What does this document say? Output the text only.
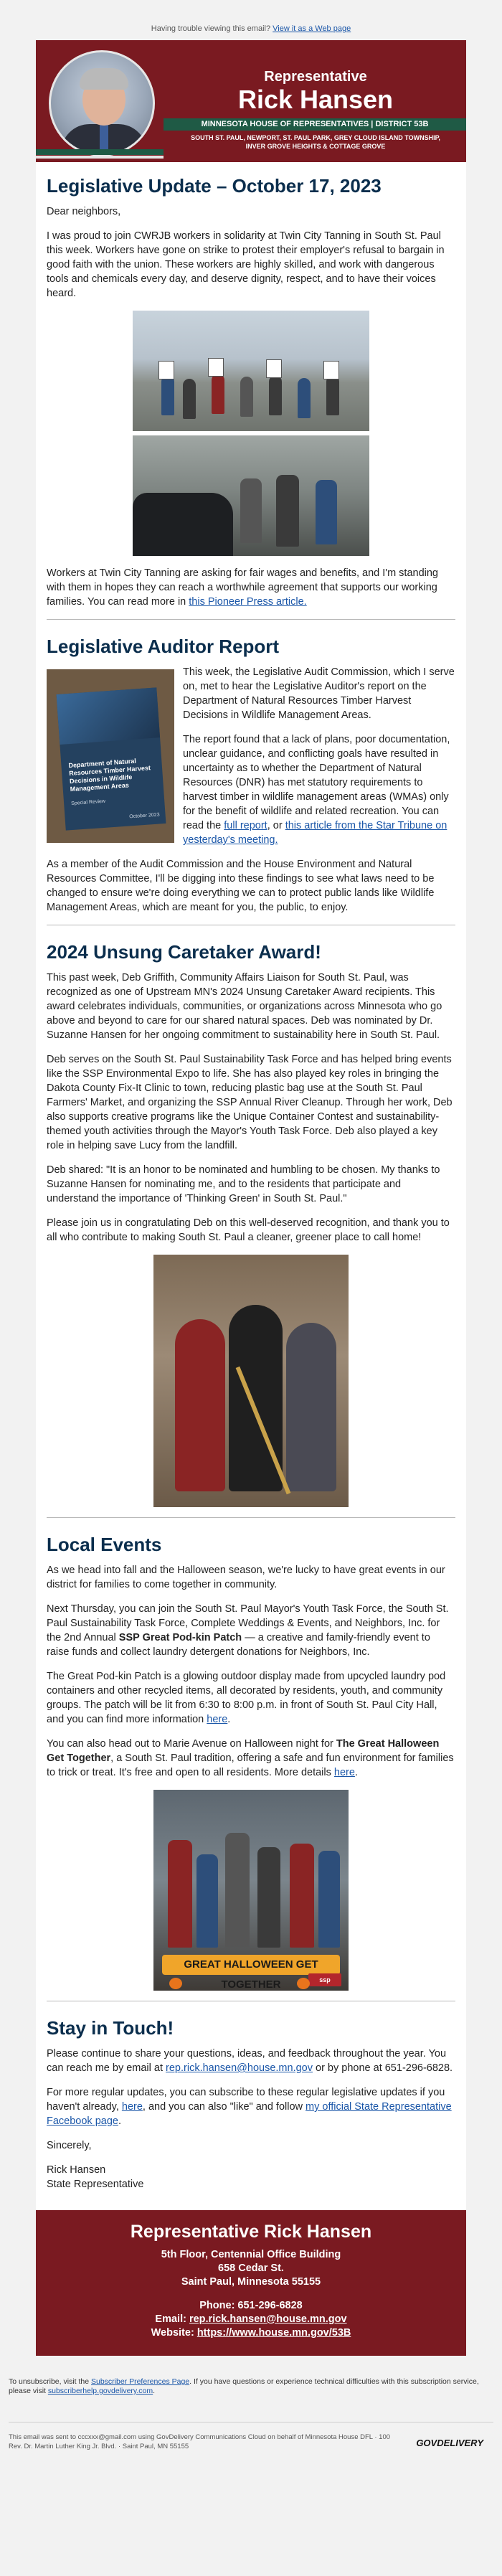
Having trouble viewing this email? View it as a Web page
Representative
Rick Hansen
MINNESOTA HOUSE OF REPRESENTATIVES | DISTRICT 53B
SOUTH ST. PAUL, NEWPORT, ST. PAUL PARK, GREY CLOUD ISLAND TOWNSHIP,
INVER GROVE HEIGHTS & COTTAGE GROVE
Legislative Update – October 17, 2023

Dear neighbors,

I was proud to join CWRJB workers in solidarity at Twin City Tanning in South St. Paul this week. Workers have gone on strike to protest their employer's refusal to bargain in good faith with the union. These workers are highly skilled, and work with dangerous tools and chemicals every day, and deserve dignity, respect, and to have their voices heard.

Workers at Twin City Tanning are asking for fair wages and benefits, and I'm standing with them in hopes they can reach a worthwhile agreement that supports our working families. You can read more in this Pioneer Press article.

Legislative Auditor Report
Department of Natural Resources Timber Harvest Decisions in Wildlife Management Areas
Special Review
October 2023

This week, the Legislative Audit Commission, which I serve on, met to hear the Legislative Auditor's report on the Department of Natural Resources Timber Harvest Decisions in Wildlife Management Areas.

The report found that a lack of plans, poor documentation, unclear guidance, and conflicting goals have resulted in uncertainty as to whether the Department of Natural Resources (DNR) has met statutory requirements to harvest timber in wildlife management areas (WMAs) only for the benefit of wildlife and related recreation. You can read the full report, or this article from the Star Tribune on yesterday's meeting.

As a member of the Audit Commission and the House Environment and Natural Resources Committee, I'll be digging into these findings to see what laws need to be changed to ensure we're doing everything we can to protect public lands like Wildlife Management Areas, which are meant for you, the public, to enjoy.

2024 Unsung Caretaker Award!

This past week, Deb Griffith, Community Affairs Liaison for South St. Paul, was recognized as one of Upstream MN's 2024 Unsung Caretaker Award recipients. This award celebrates individuals, communities, or organizations across Minnesota who go above and beyond to care for our shared natural spaces. Deb was nominated by Dr. Suzanne Hansen for her ongoing commitment to sustainability here in South St. Paul.

Deb serves on the South St. Paul Sustainability Task Force and has helped bring events like the SSP Environmental Expo to life. She has also played key roles in bringing the Dakota County Fix-It Clinic to town, reducing plastic bag use at the South St. Paul Farmers' Market, and organizing the SSP Annual River Cleanup. Through her work, Deb also supports creative programs like the Unique Container Contest and sustainability-themed youth activities through the Mayor's Youth Task Force. Deb also played a key role in helping save Lucy from the landfill.

Deb shared: "It is an honor to be nominated and humbling to be chosen. My thanks to Suzanne Hansen for nominating me, and to the residents that participate and understand the importance of 'Thinking Green' in South St. Paul."

Please join us in congratulating Deb on this well-deserved recognition, and thank you to all who contribute to making South St. Paul a cleaner, greener place to call home!

Local Events

As we head into fall and the Halloween season, we're lucky to have great events in our district for families to come together in community.

Next Thursday, you can join the South St. Paul Mayor's Youth Task Force, the South St. Paul Sustainability Task Force, Complete Weddings & Events, and Neighbors, Inc. for the 2nd Annual SSP Great Pod-kin Patch — a creative and family-friendly event to raise funds and collect laundry detergent donations for Neighbors, Inc.

The Great Pod-kin Patch is a glowing outdoor display made from upcycled laundry pod containers and other recycled items, all decorated by residents, youth, and community groups. The patch will be lit from 6:30 to 8:00 p.m. in front of South St. Paul City Hall, and you can find more information here.

You can also head out to Marie Avenue on Halloween night for The Great Halloween Get Together, a South St. Paul tradition, offering a safe and fun environment for families to trick or treat. It's free and open to all residents. More details here.

GREAT HALLOWEEN GET TOGETHER	ssp
Stay in Touch!

Please continue to share your questions, ideas, and feedback throughout the year. You can reach me by email at rep.rick.hansen@house.mn.gov or by phone at 651-296-6828.

For more regular updates, you can subscribe to these regular legislative updates if you haven't already, here, and you can also "like" and follow my official State Representative Facebook page.

Sincerely,

Rick Hansen
State Representative

Representative Rick Hansen
5th Floor, Centennial Office Building
658 Cedar St.
Saint Paul, Minnesota 55155
Phone: 651-296-6828
Email: rep.rick.hansen@house.mn.gov
Website: https://www.house.mn.gov/53B
To unsubscribe, visit the Subscriber Preferences Page. If you have questions or experience technical difficulties with this subscription service, please visit subscriberhelp.govdelivery.com.
This email was sent to cccxxx@gmail.com using GovDelivery Communications Cloud on behalf of Minnesota House DFL · 100
Rev. Dr. Martin Luther King Jr. Blvd. · Saint Paul, MN 55155	GOVDELIVERY
